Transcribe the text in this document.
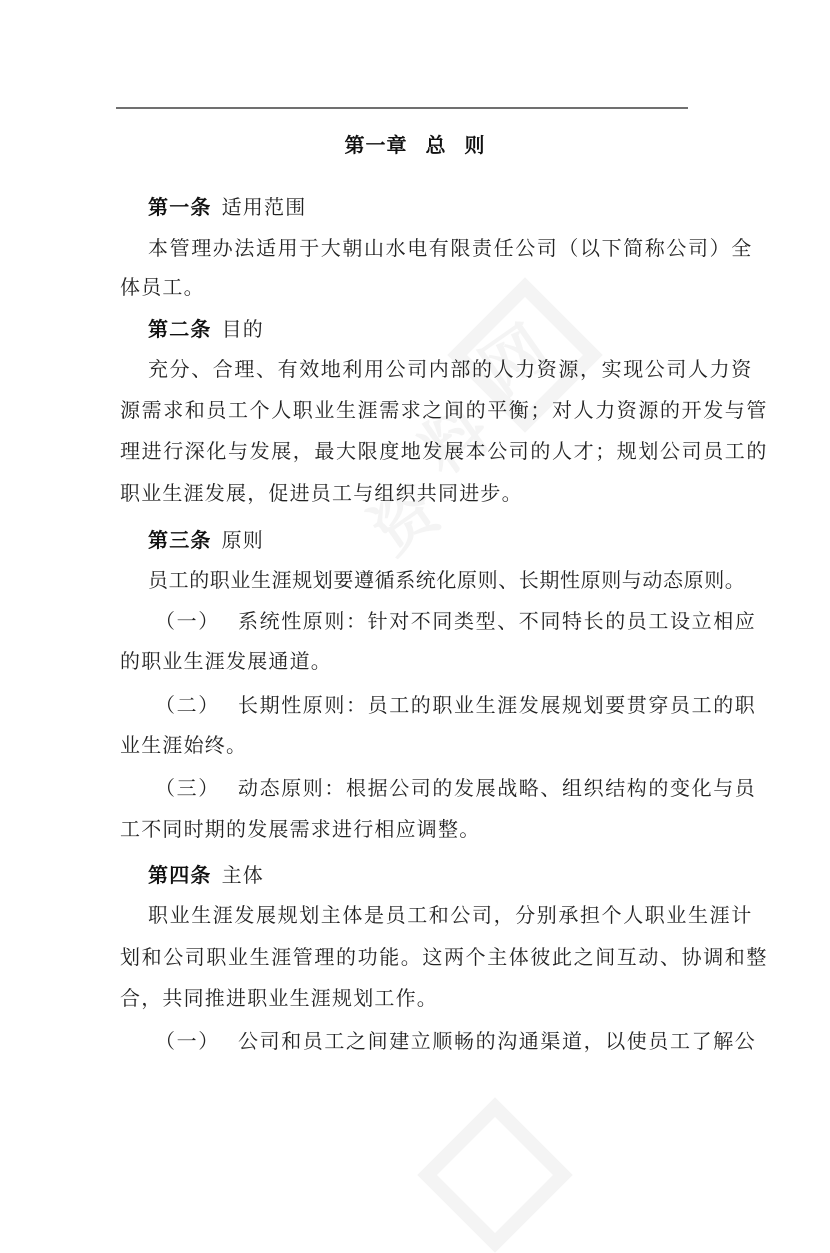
第一章 总 则
第一条 适用范围
本管理办法适用于大朝山水电有限责任公司（以下简称公司）全
体员工。
第二条 目的
充分、合理、有效地利用公司内部的人力资源，实现公司人力资
源需求和员工个人职业生涯需求之间的平衡；对人力资源的开发与管
理进行深化与发展，最大限度地发展本公司的人才；规划公司员工的
职业生涯发展，促进员工与组织共同进步。
第三条 原则
员工的职业生涯规划要遵循系统化原则、长期性原则与动态原则。
（一） 系统性原则：针对不同类型、不同特长的员工设立相应
的职业生涯发展通道。
（二） 长期性原则：员工的职业生涯发展规划要贯穿员工的职
业生涯始终。
（三） 动态原则：根据公司的发展战略、组织结构的变化与员
工不同时期的发展需求进行相应调整。
第四条 主体
职业生涯发展规划主体是员工和公司，分别承担个人职业生涯计
划和公司职业生涯管理的功能。这两个主体彼此之间互动、协调和整
合，共同推进职业生涯规划工作。
（一） 公司和员工之间建立顺畅的沟通渠道，以使员工了解公
